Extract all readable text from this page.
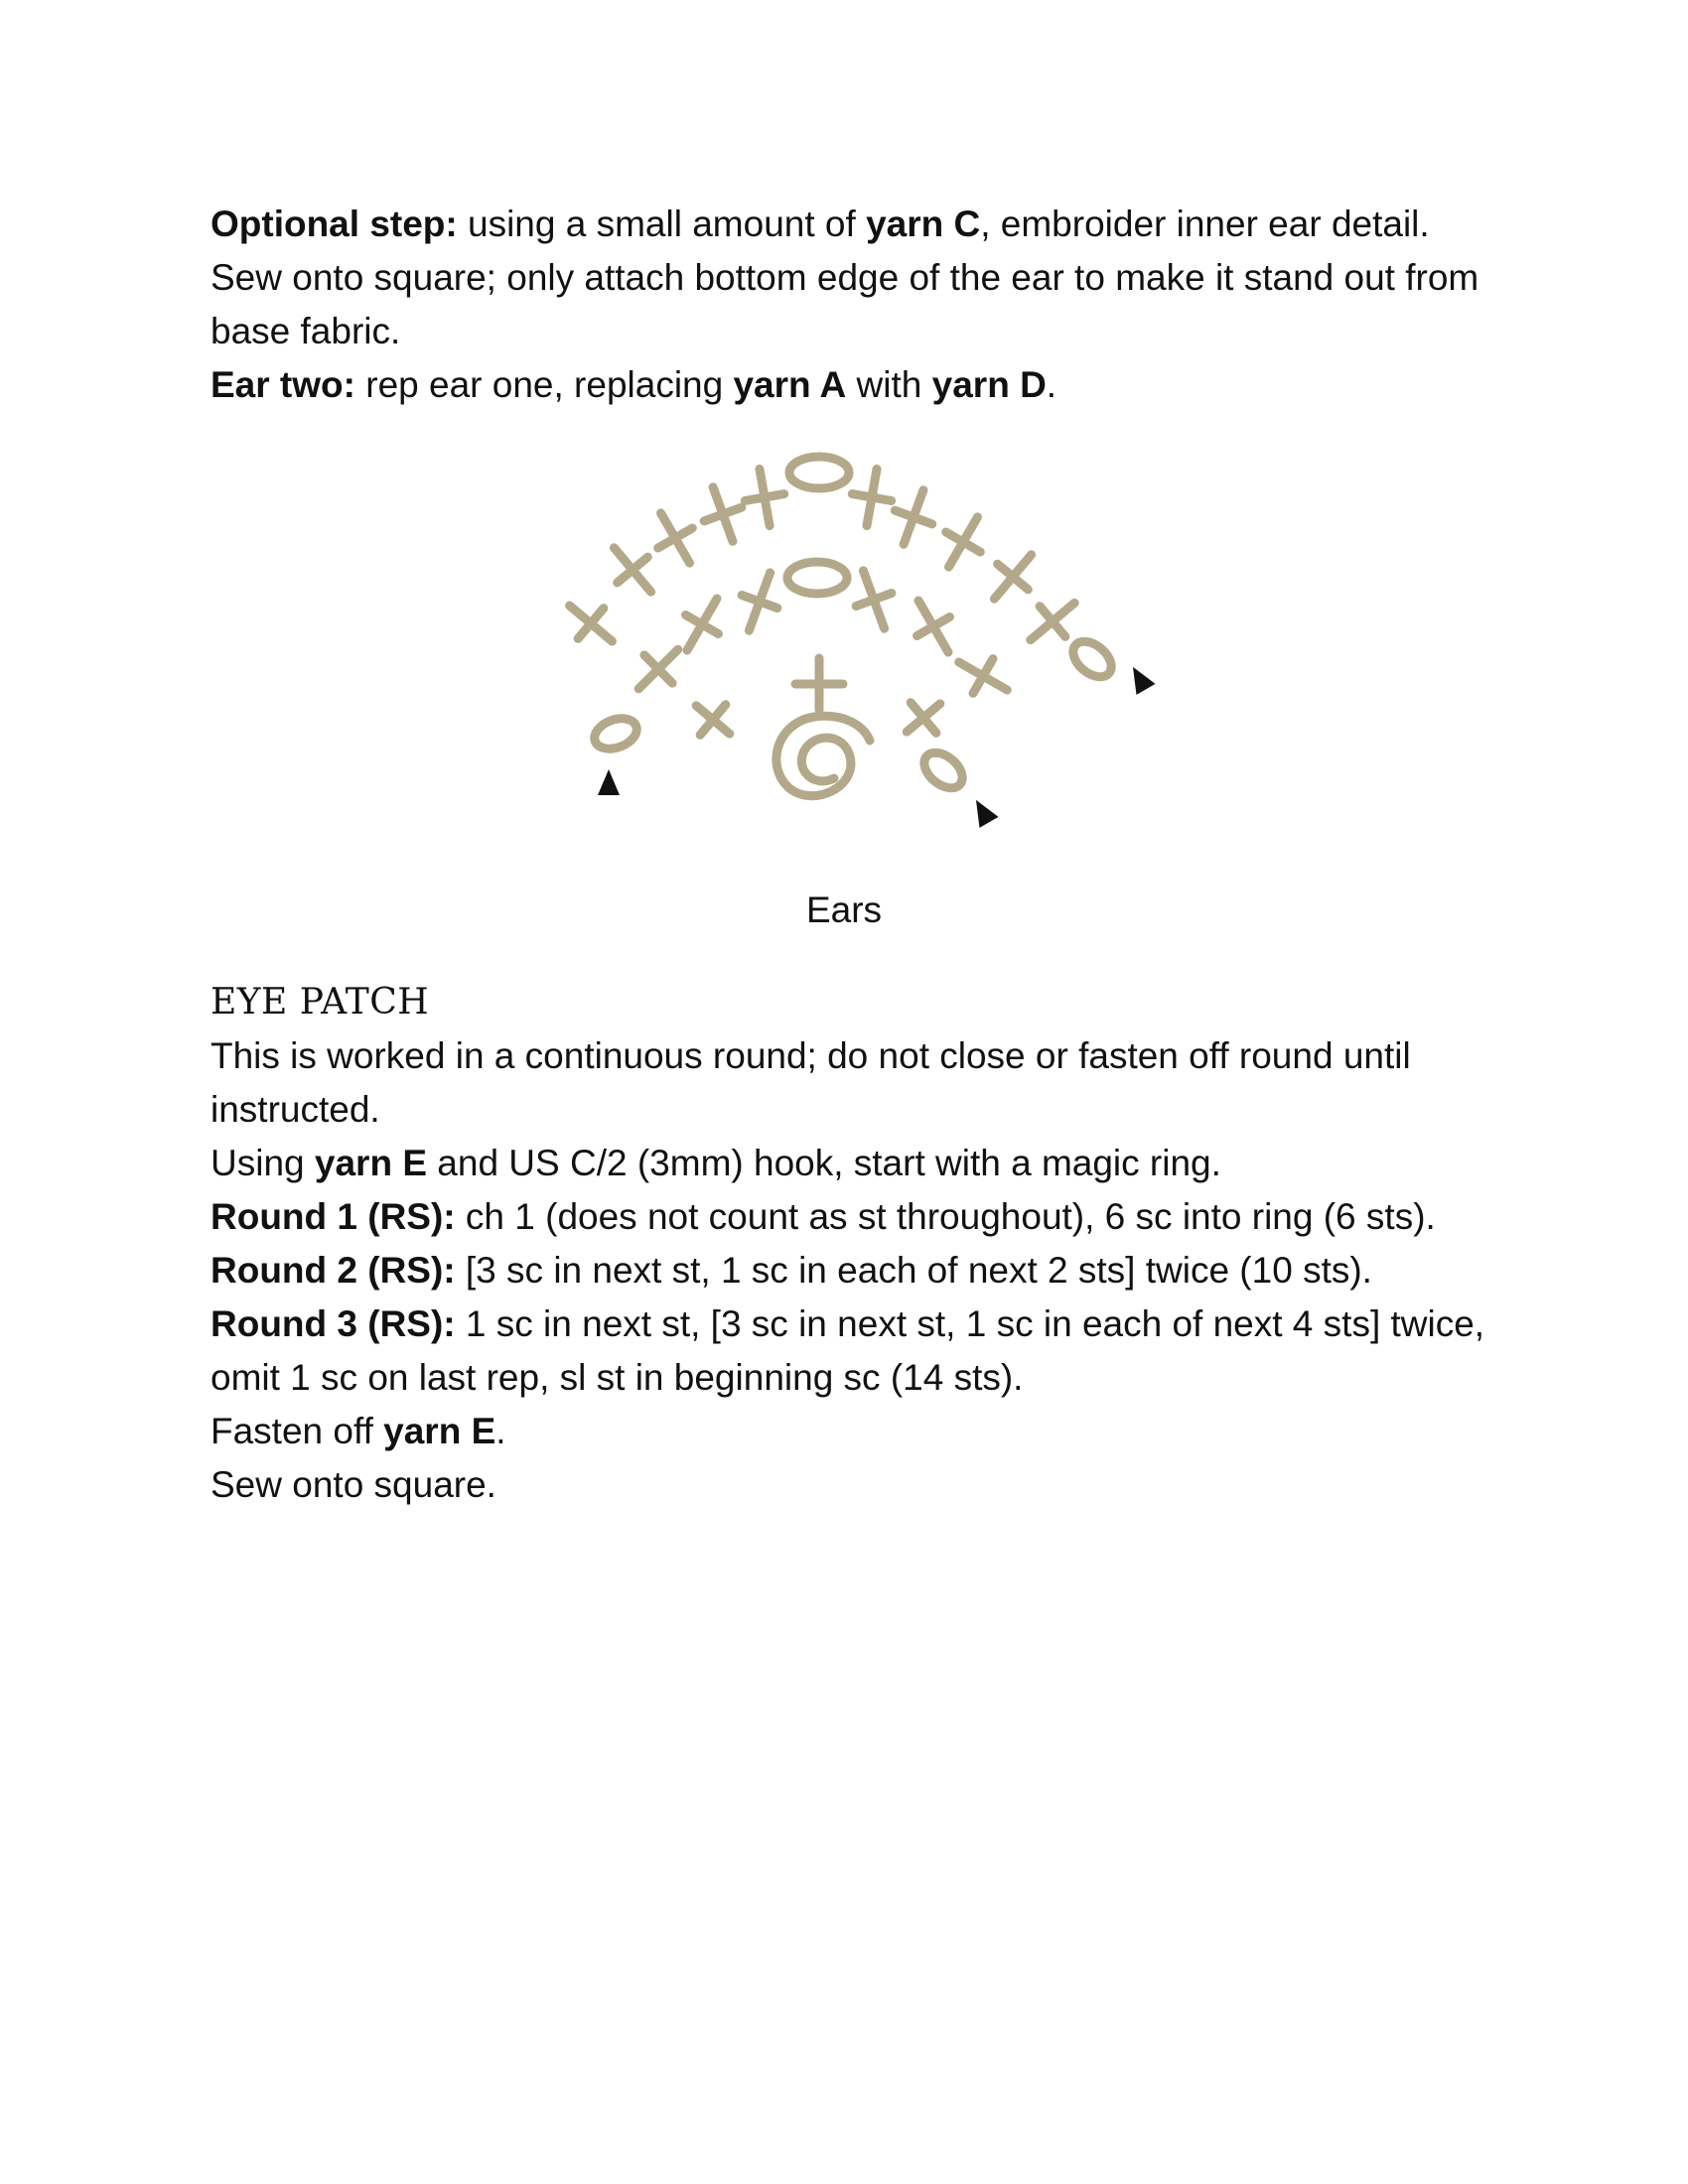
Optional step: using a small amount of yarn C, embroider inner ear detail. Sew onto square; only attach bottom edge of the ear to make it stand out from base fabric.

Ear two: rep ear one, replacing yarn A with yarn D.

Ears
EYE PATCH

This is worked in a continuous round; do not close or fasten off round until instructed.

Using yarn E and US C/2 (3mm) hook, start with a magic ring.

Round 1 (RS): ch 1 (does not count as st throughout), 6 sc into ring (6 sts).

Round 2 (RS): [3 sc in next st, 1 sc in each of next 2 sts] twice (10 sts).

Round 3 (RS): 1 sc in next st, [3 sc in next st, 1 sc in each of next 4 sts] twice, omit 1 sc on last rep, sl st in beginning sc (14 sts).

Fasten off yarn E.

Sew onto square.
